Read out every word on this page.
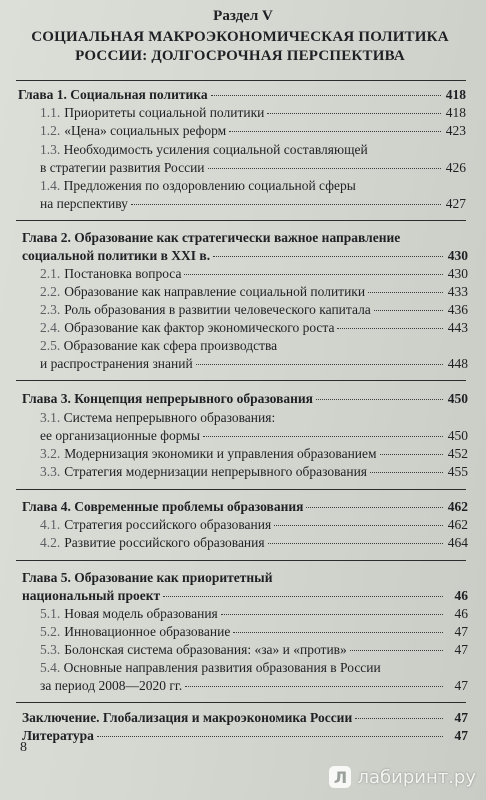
Раздел V
СОЦИАЛЬНАЯ МАКРОЭКОНОМИЧЕСКАЯ ПОЛИТИКА
РОССИИ: ДОЛГОСРОЧНАЯ ПЕРСПЕКТИВА
Глава 1. Социальная политика	418
1.1. Приоритеты социальной политики	418
1.2. «Цена» социальных реформ	423
1.3. Необходимость усиления социальной составляющей
в стратегии развития России	426
1.4. Предложения по оздоровлению социальной сферы
на перспективу	427
Глава 2. Образование как стратегически важное направление
социальной политики в XXI в.	430
2.1. Постановка вопроса	430
2.2. Образование как направление социальной политики	433
2.3. Роль образования в развитии человеческого капитала	436
2.4. Образование как фактор экономического роста	443
2.5. Образование как сфера производства
и распространения знаний	448
Глава 3. Концепция непрерывного образования	450
3.1. Система непрерывного образования:
ее организационные формы	450
3.2. Модернизация экономики и управления образованием	452
3.3. Стратегия модернизации непрерывного образования	455
Глава 4. Современные проблемы образования	462
4.1. Стратегия российского образования	462
4.2. Развитие российского образования	464
Глава 5. Образование как приоритетный
национальный проект	46
5.1. Новая модель образования	46
5.2. Инновационное образование	47
5.3. Болонская система образования: «за» и «против»	47
5.4. Основные направления развития образования в России
за период 2008—2020 гг.	47
Заключение. Глобализация и макроэкономика России	47
Литература	47
8
Л лабиринт.ру
